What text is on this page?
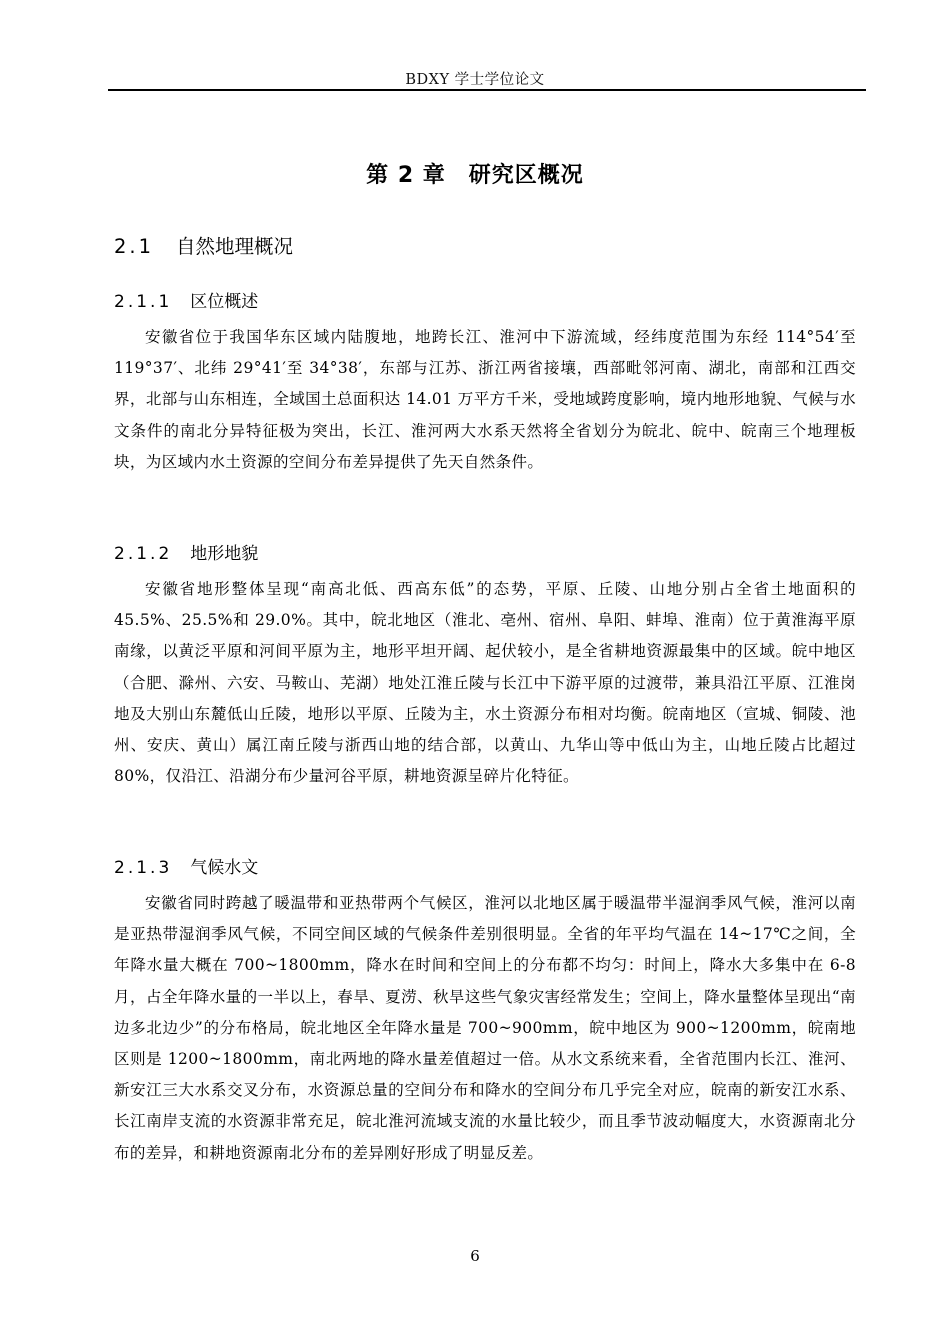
BDXY 学士学位论文
第 2 章　研究区概况
2.1 自然地理概况
2.1.1 区位概述

安徽省位于我国华东区域内陆腹地，地跨长江、淮河中下游流域，经纬度范围为东经 114°54′至 119°37′、北纬 29°41′至 34°38′，东部与江苏、浙江两省接壤，西部毗邻河南、湖北，南部和江西交界，北部与山东相连，全域国土总面积达 14.01 万平方千米，受地域跨度影响，境内地形地貌、气候与水文条件的南北分异特征极为突出，长江、淮河两大水系天然将全省划分为皖北、皖中、皖南三个地理板块，为区域内水土资源的空间分布差异提供了先天自然条件。

2.1.2 地形地貌

安徽省地形整体呈现“南高北低、西高东低”的态势，平原、丘陵、山地分别占全省土地面积的 45.5%、25.5%和 29.0%。其中，皖北地区（淮北、亳州、宿州、阜阳、蚌埠、淮南）位于黄淮海平原南缘，以黄泛平原和河间平原为主，地形平坦开阔、起伏较小，是全省耕地资源最集中的区域。皖中地区（合肥、滁州、六安、马鞍山、芜湖）地处江淮丘陵与长江中下游平原的过渡带，兼具沿江平原、江淮岗地及大别山东麓低山丘陵，地形以平原、丘陵为主，水土资源分布相对均衡。皖南地区（宣城、铜陵、池州、安庆、黄山）属江南丘陵与浙西山地的结合部，以黄山、九华山等中低山为主，山地丘陵占比超过 80%，仅沿江、沿湖分布少量河谷平原，耕地资源呈碎片化特征。

2.1.3 气候水文

安徽省同时跨越了暖温带和亚热带两个气候区，淮河以北地区属于暖温带半湿润季风气候，淮河以南是亚热带湿润季风气候，不同空间区域的气候条件差别很明显。全省的年平均气温在 14~17℃之间，全年降水量大概在 700~1800mm，降水在时间和空间上的分布都不均匀：时间上，降水大多集中在 6-8 月，占全年降水量的一半以上，春旱、夏涝、秋旱这些气象灾害经常发生；空间上，降水量整体呈现出“南边多北边少”的分布格局，皖北地区全年降水量是 700~900mm，皖中地区为 900~1200mm，皖南地区则是 1200~1800mm，南北两地的降水量差值超过一倍。从水文系统来看，全省范围内长江、淮河、新安江三大水系交叉分布，水资源总量的空间分布和降水的空间分布几乎完全对应，皖南的新安江水系、长江南岸支流的水资源非常充足，皖北淮河流域支流的水量比较少，而且季节波动幅度大，水资源南北分布的差异，和耕地资源南北分布的差异刚好形成了明显反差。

6
